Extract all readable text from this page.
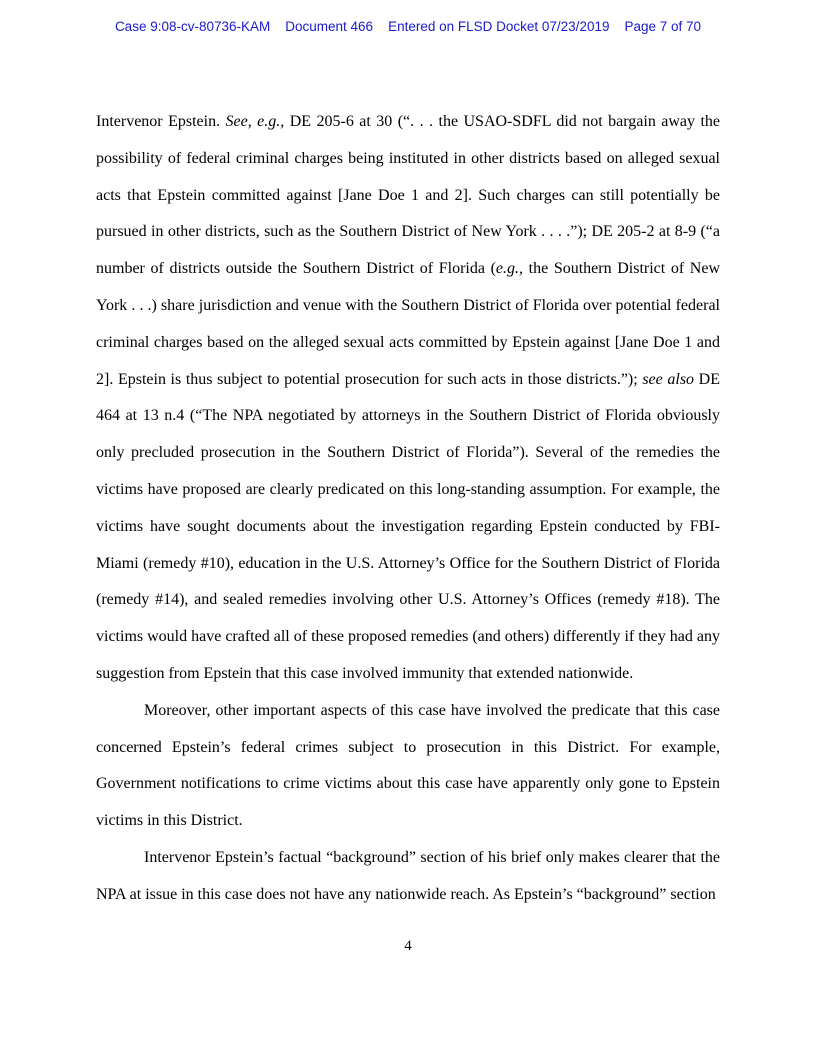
Case 9:08-cv-80736-KAM Document 466 Entered on FLSD Docket 07/23/2019 Page 7 of 70
Intervenor Epstein. See, e.g., DE 205-6 at 30 (“. . . the USAO-SDFL did not bargain away the possibility of federal criminal charges being instituted in other districts based on alleged sexual acts that Epstein committed against [Jane Doe 1 and 2]. Such charges can still potentially be pursued in other districts, such as the Southern District of New York . . . .”); DE 205-2 at 8-9 (“a number of districts outside the Southern District of Florida (e.g., the Southern District of New York . . .) share jurisdiction and venue with the Southern District of Florida over potential federal criminal charges based on the alleged sexual acts committed by Epstein against [Jane Doe 1 and 2]. Epstein is thus subject to potential prosecution for such acts in those districts.”); see also DE 464 at 13 n.4 (“The NPA negotiated by attorneys in the Southern District of Florida obviously only precluded prosecution in the Southern District of Florida”). Several of the remedies the victims have proposed are clearly predicated on this long-standing assumption. For example, the victims have sought documents about the investigation regarding Epstein conducted by FBI-Miami (remedy #10), education in the U.S. Attorney’s Office for the Southern District of Florida (remedy #14), and sealed remedies involving other U.S. Attorney’s Offices (remedy #18). The victims would have crafted all of these proposed remedies (and others) differently if they had any suggestion from Epstein that this case involved immunity that extended nationwide.
Moreover, other important aspects of this case have involved the predicate that this case concerned Epstein’s federal crimes subject to prosecution in this District. For example, Government notifications to crime victims about this case have apparently only gone to Epstein victims in this District.
Intervenor Epstein’s factual “background” section of his brief only makes clearer that the NPA at issue in this case does not have any nationwide reach. As Epstein’s “background” section
4
